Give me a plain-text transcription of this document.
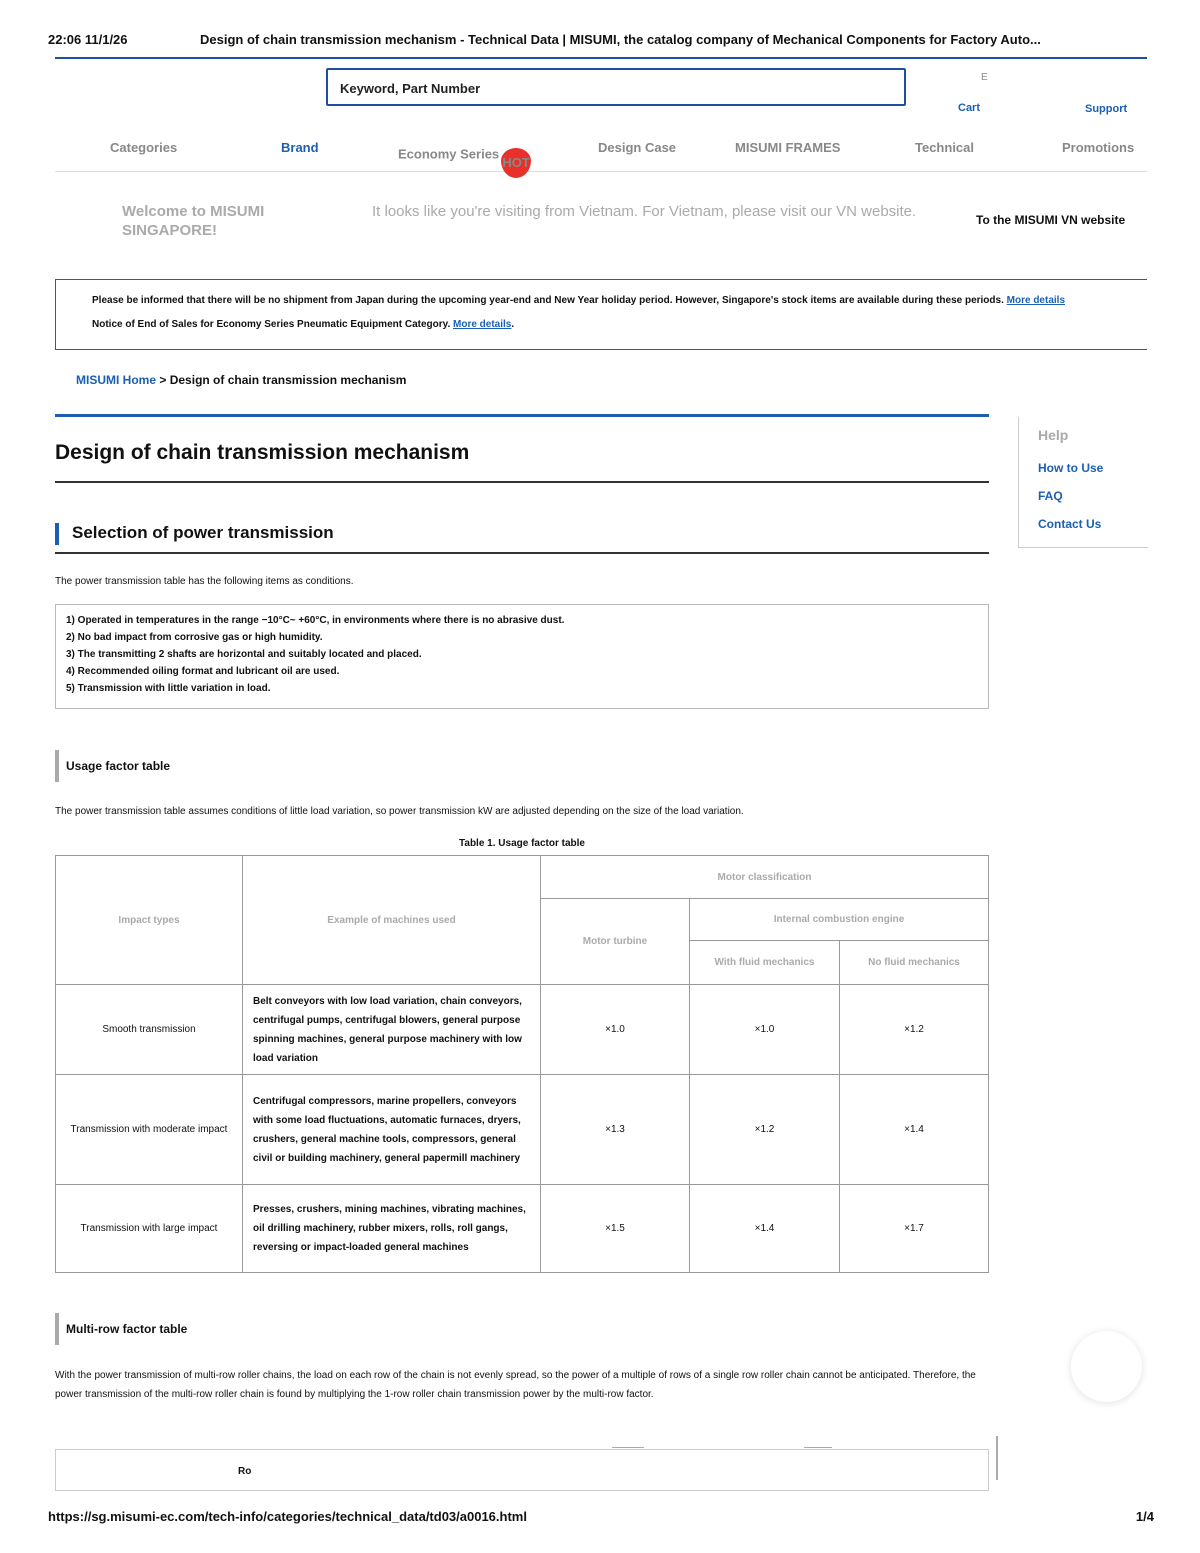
22:06 11/1/26	Design of chain transmission mechanism - Technical Data | MISUMI, the catalog company of Mechanical Components for Factory Auto...
Keyword, Part Number
E
Cart	Support
Categories	Brand	Economy SeriesHOT
Design Case	MISUMI FRAMES	Technical	Promotions
Welcome to MISUMI SINGAPORE!
It looks like you're visiting from Vietnam. For Vietnam, please visit our VN website.	To the MISUMI VN website

Please be informed that there will be no shipment from Japan during the upcoming year-end and New Year holiday period. However, Singapore's stock items are available during these periods. More details

Notice of End of Sales for Economy Series Pneumatic Equipment Category. More details.

MISUMI Home > Design of chain transmission mechanism
Design of chain transmission mechanism
Selection of power transmission

The power transmission table has the following items as conditions.

1) Operated in temperatures in the range −10°C~ +60°C, in environments where there is no abrasive dust.
2) No bad impact from corrosive gas or high humidity.
3) The transmitting 2 shafts are horizontal and suitably located and placed.
4) Recommended oiling format and lubricant oil are used.
5) Transmission with little variation in load.
Usage factor table

The power transmission table assumes conditions of little load variation, so power transmission kW are adjusted depending on the size of the load variation.

Table 1. Usage factor table

Impact types	Example of machines used	Motor classification		
		Motor turbine	Internal combustion engine	
			With fluid mechanics	No fluid mechanics
Smooth transmission	Belt conveyors with low load variation, chain conveyors, centrifugal pumps, centrifugal blowers, general purpose spinning machines, general purpose machinery with low load variation	×1.0	×1.0	×1.2
Transmission with moderate impact	Centrifugal compressors, marine propellers, conveyors with some load fluctuations, automatic furnaces, dryers, crushers, general machine tools, compressors, general civil or building machinery, general papermill machinery	×1.3	×1.2	×1.4
Transmission with large impact	Presses, crushers, mining machines, vibrating machines, oil drilling machinery, rubber mixers, rolls, roll gangs, reversing or impact-loaded general machines	×1.5	×1.4	×1.7
Multi-row factor table

With the power transmission of multi-row roller chains, the load on each row of the chain is not evenly spread, so the power of a multiple of rows of a single row roller chain cannot be anticipated. Therefore, the power transmission of the multi-row roller chain is found by multiplying the 1-row roller chain transmission power by the multi-row factor.

Help
How to Use
FAQ
Contact Us
Ro
https://sg.misumi-ec.com/tech-info/categories/technical_data/td03/a0016.html	1/4
